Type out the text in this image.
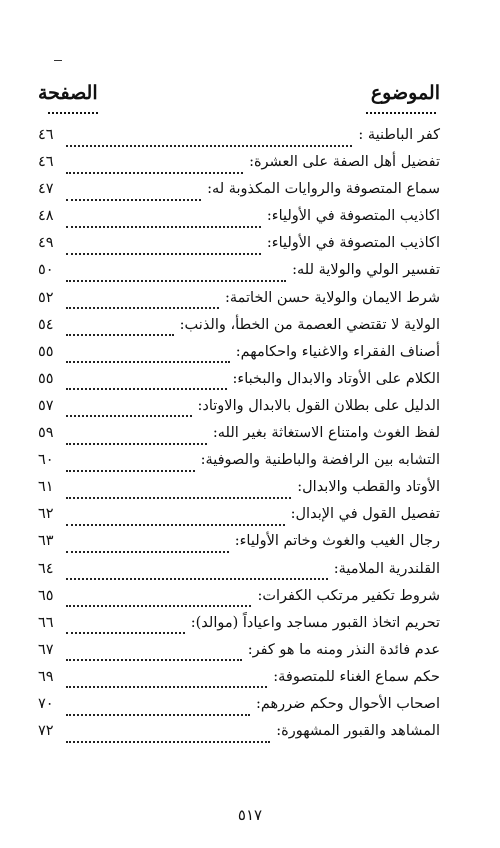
الموضوع
الصفحة
كفر الباطنية :
٤٦
تفضيل أهل الصفة على العشرة:
٤٦
سماع المتصوفة والروايات المكذوبة له:
٤٧
اكاذيب المتصوفة في الأولياء:
٤٨
اكاذيب المتصوفة في الأولياء:
٤٩
تفسير الولي والولاية لله:
٥٠
شرط الايمان والولاية حسن الخاتمة:
٥٢
الولاية لا تقتضي العصمة من الخطأ، والذنب:
٥٤
أصناف الفقراء والاغنياء واحكامهم:
٥٥
الكلام على الأوتاد والابدال والبخباء:
٥٥
الدليل على بطلان القول بالابدال والاوتاد:
٥٧
لفظ الغوث وامتناع الاستغاثة بغير الله:
٥٩
التشابه بين الرافضة والباطنية والصوفية:
٦٠
الأوتاد والقطب والابدال:
٦١
تفصيل القول في الإبدال:
٦٢
رجال الغيب والغوث وخاتم الأولياء:
٦٣
القلندرية الملامية:
٦٤
شروط تكفير مرتكب الكفرات:
٦٥
تحريم اتخاذ القبور مساجد واعياداً (موالد):
٦٦
عدم فائدة النذر ومنه ما هو كفر:
٦٧
حكم سماع الغناء للمتصوفة:
٦٩
اصحاب الأحوال وحكم ضررهم:
٧٠
المشاهد والقبور المشهورة:
٧٢
٥١٧
